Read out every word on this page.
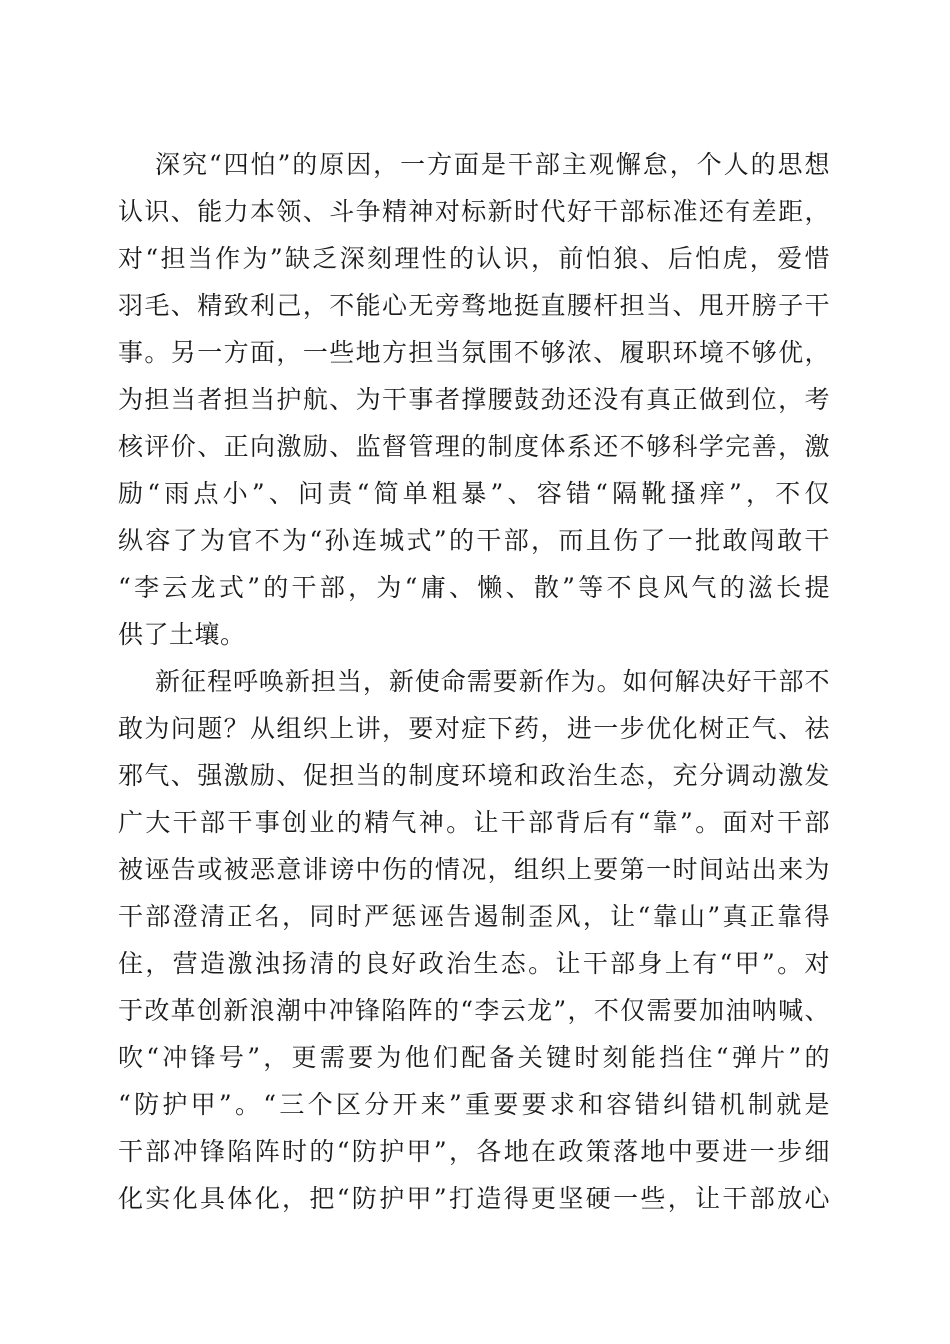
深究“四怕”的原因，一方面是干部主观懈怠，个人的思想
认识、能力本领、斗争精神对标新时代好干部标准还有差距，
对“担当作为”缺乏深刻理性的认识，前怕狼、后怕虎，爱惜
羽毛、精致利己，不能心无旁骛地挺直腰杆担当、甩开膀子干
事。另一方面，一些地方担当氛围不够浓、履职环境不够优，
为担当者担当护航、为干事者撑腰鼓劲还没有真正做到位，考
核评价、正向激励、监督管理的制度体系还不够科学完善，激
励“雨点小”、问责“简单粗暴”、容错“隔靴搔痒”，不仅
纵容了为官不为“孙连城式”的干部，而且伤了一批敢闯敢干
“李云龙式”的干部，为“庸、懒、散”等不良风气的滋长提
供了土壤。
新征程呼唤新担当，新使命需要新作为。如何解决好干部不
敢为问题？从组织上讲，要对症下药，进一步优化树正气、祛
邪气、强激励、促担当的制度环境和政治生态，充分调动激发
广大干部干事创业的精气神。让干部背后有“靠”。面对干部
被诬告或被恶意诽谤中伤的情况，组织上要第一时间站出来为
干部澄清正名，同时严惩诬告遏制歪风，让“靠山”真正靠得
住，营造激浊扬清的良好政治生态。让干部身上有“甲”。对
于改革创新浪潮中冲锋陷阵的“李云龙”，不仅需要加油呐喊、
吹“冲锋号”，更需要为他们配备关键时刻能挡住“弹片”的
“防护甲”。“三个区分开来”重要要求和容错纠错机制就是
干部冲锋陷阵时的“防护甲”，各地在政策落地中要进一步细
化实化具体化，把“防护甲”打造得更坚硬一些，让干部放心
